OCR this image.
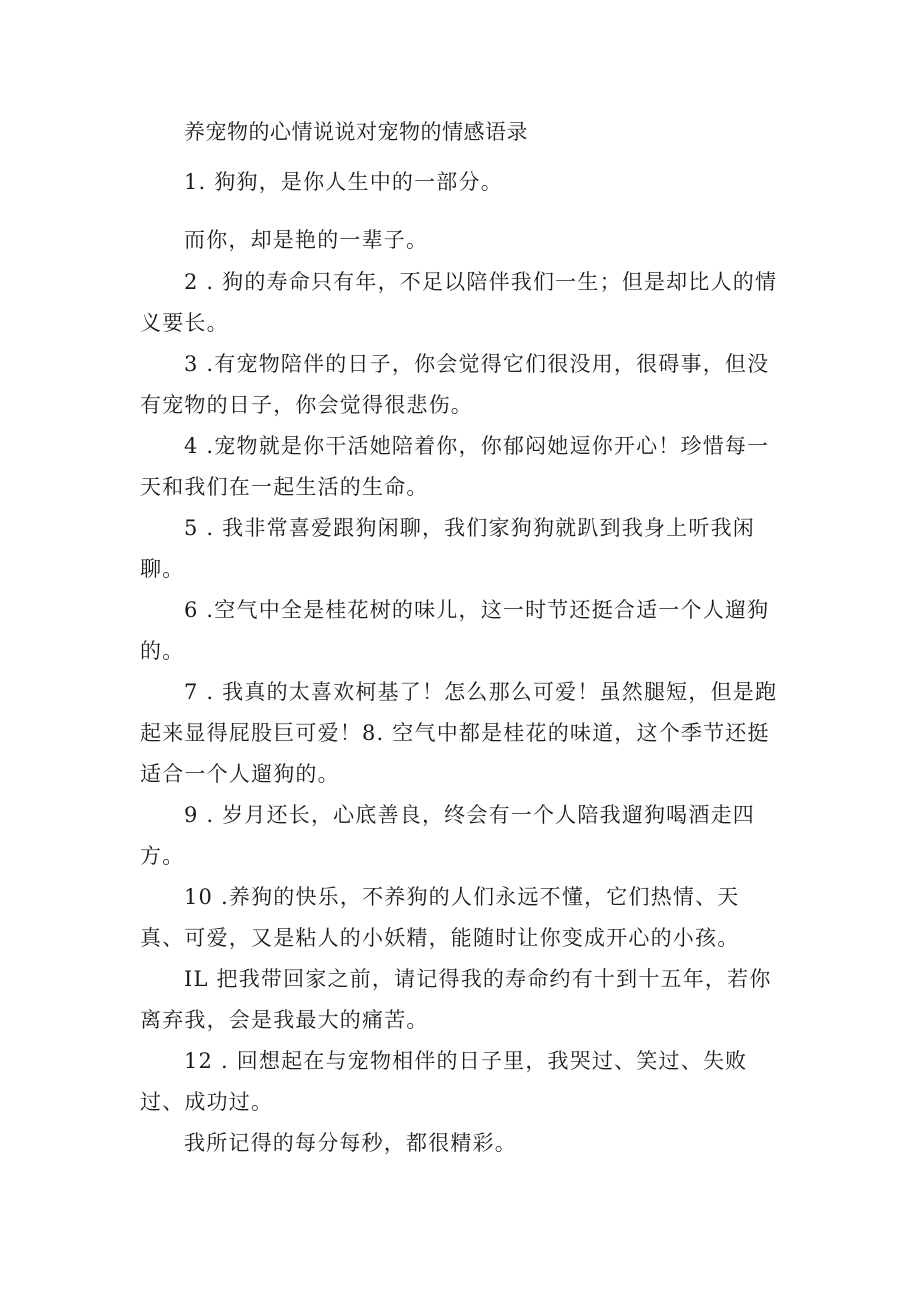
养宠物的心情说说对宠物的情感语录

1. 狗狗，是你人生中的一部分。

而你，却是艳的一辈子。

2 . 狗的寿命只有年，不足以陪伴我们一生；但是却比人的情义要长。

3 .有宠物陪伴的日子，你会觉得它们很没用，很碍事，但没有宠物的日子，你会觉得很悲伤。

4 .宠物就是你干活她陪着你，你郁闷她逗你开心！珍惜每一天和我们在一起生活的生命。

5 . 我非常喜爱跟狗闲聊，我们家狗狗就趴到我身上听我闲聊。

6 .空气中全是桂花树的味儿，这一时节还挺合适一个人遛狗的。

7 . 我真的太喜欢柯基了！怎么那么可爱！虽然腿短，但是跑起来显得屁股巨可爱！8. 空气中都是桂花的味道，这个季节还挺适合一个人遛狗的。

9 . 岁月还长，心底善良，终会有一个人陪我遛狗喝酒走四方。

10 .养狗的快乐，不养狗的人们永远不懂，它们热情、天真、可爱，又是粘人的小妖精，能随时让你变成开心的小孩。

IL 把我带回家之前，请记得我的寿命约有十到十五年，若你离弃我，会是我最大的痛苦。

12 . 回想起在与宠物相伴的日子里，我哭过、笑过、失败过、成功过。

我所记得的每分每秒，都很精彩。
